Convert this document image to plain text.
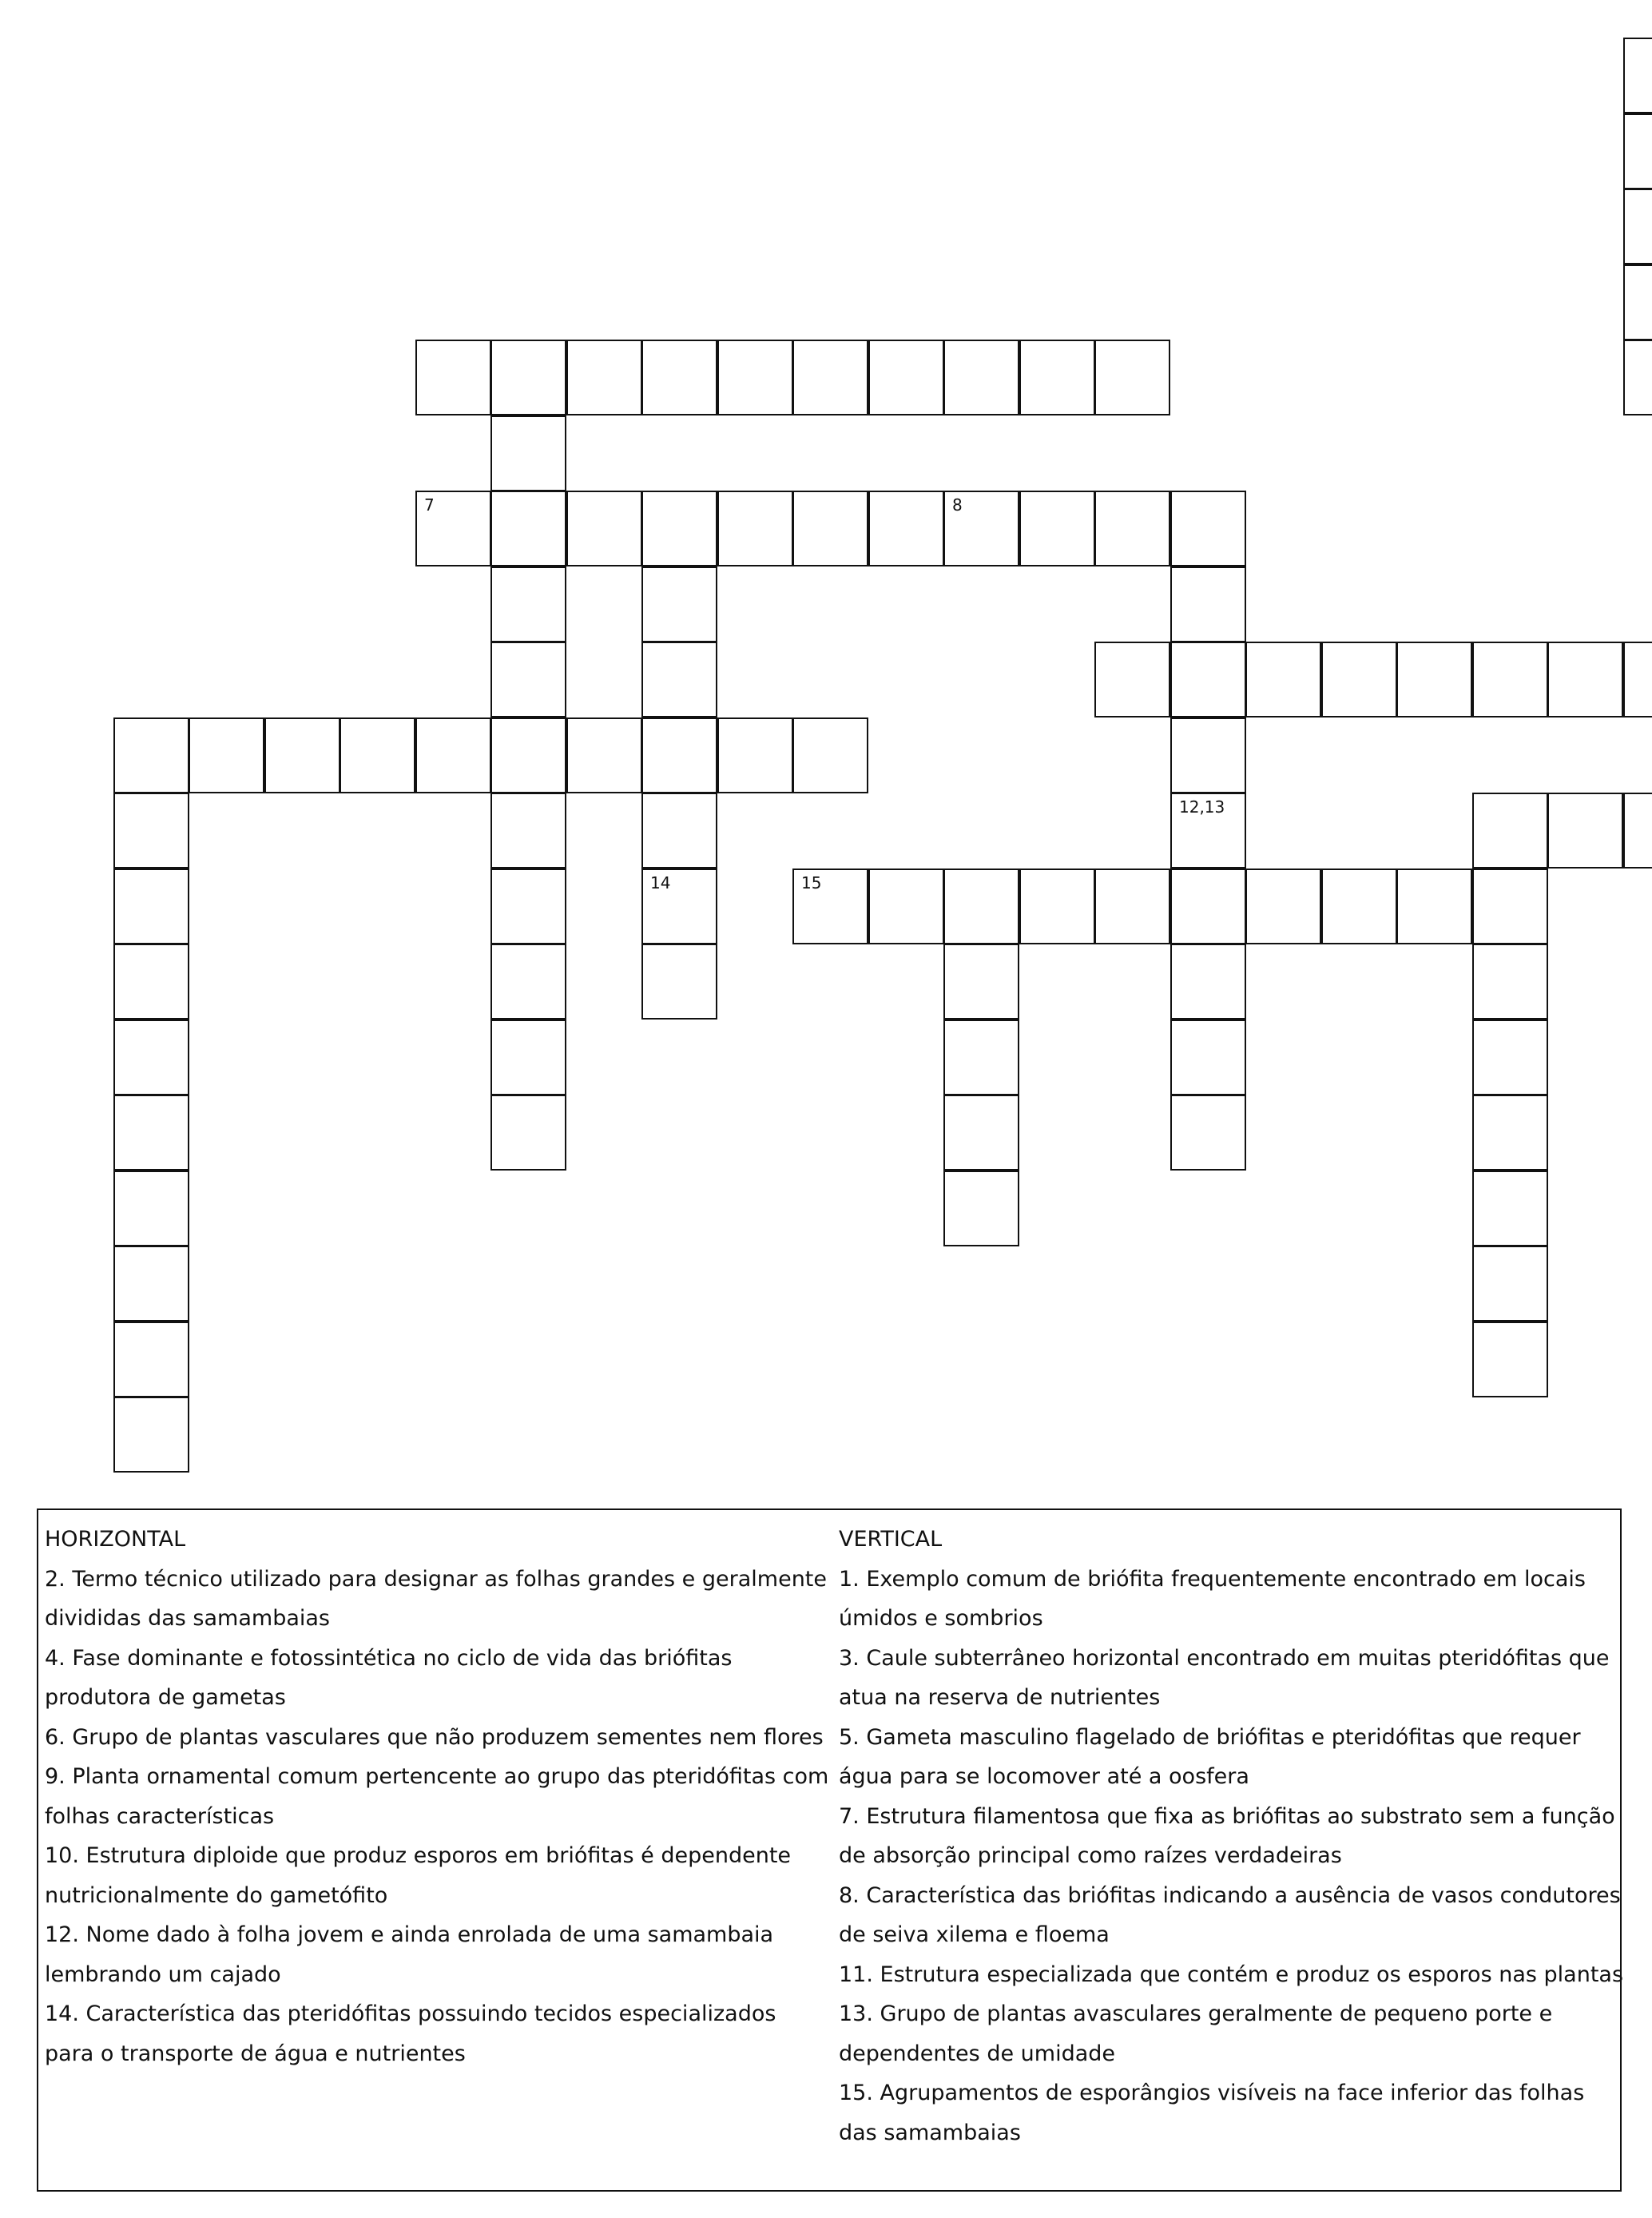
7	8
14
12,13
15
HORIZONTAL
2. Termo técnico utilizado para designar as folhas grandes e geralmente
divididas das samambaias
4. Fase dominante e fotossintética no ciclo de vida das briófitas
produtora de gametas
6. Grupo de plantas vasculares que não produzem sementes nem flores
9. Planta ornamental comum pertencente ao grupo das pteridófitas com
folhas características
10. Estrutura diploide que produz esporos em briófitas é dependente
nutricionalmente do gametófito
12. Nome dado à folha jovem e ainda enrolada de uma samambaia
lembrando um cajado
14. Característica das pteridófitas possuindo tecidos especializados
para o transporte de água e nutrientes
VERTICAL
1. Exemplo comum de briófita frequentemente encontrado em locais
úmidos e sombrios
3. Caule subterrâneo horizontal encontrado em muitas pteridófitas que
atua na reserva de nutrientes
5. Gameta masculino flagelado de briófitas e pteridófitas que requer
água para se locomover até a oosfera
7. Estrutura filamentosa que fixa as briófitas ao substrato sem a função
de absorção principal como raízes verdadeiras
8. Característica das briófitas indicando a ausência de vasos condutores
de seiva xilema e floema
11. Estrutura especializada que contém e produz os esporos nas plantas
13. Grupo de plantas avasculares geralmente de pequeno porte e
dependentes de umidade
15. Agrupamentos de esporângios visíveis na face inferior das folhas
das samambaias
